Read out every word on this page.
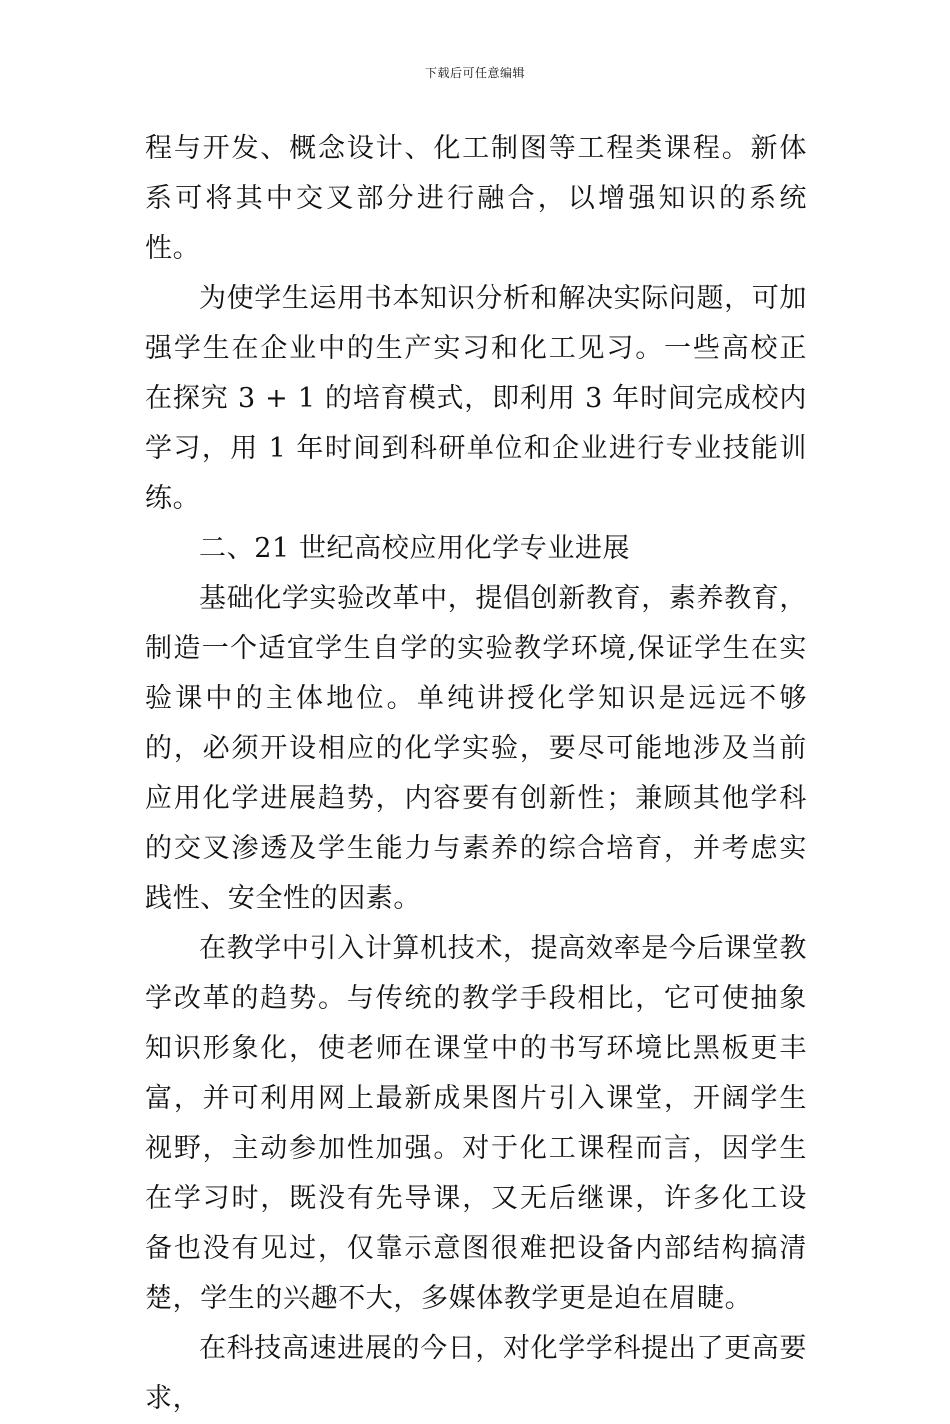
下载后可任意编辑

程与开发、概念设计、化工制图等工程类课程。新体系可将其中交叉部分进行融合，以增强知识的系统性。

为使学生运用书本知识分析和解决实际问题，可加强学生在企业中的生产实习和化工见习。一些高校正在探究 3 + 1 的培育模式，即利用 3 年时间完成校内学习，用 1 年时间到科研单位和企业进行专业技能训练。

二、21 世纪高校应用化学专业进展

基础化学实验改革中，提倡创新教育，素养教育，制造一个适宜学生自学的实验教学环境,保证学生在实验课中的主体地位。单纯讲授化学知识是远远不够的，必须开设相应的化学实验，要尽可能地涉及当前应用化学进展趋势，内容要有创新性；兼顾其他学科的交叉渗透及学生能力与素养的综合培育，并考虑实践性、安全性的因素。

在教学中引入计算机技术，提高效率是今后课堂教学改革的趋势。与传统的教学手段相比，它可使抽象知识形象化，使老师在课堂中的书写环境比黑板更丰富，并可利用网上最新成果图片引入课堂，开阔学生视野，主动参加性加强。对于化工课程而言，因学生在学习时，既没有先导课，又无后继课，许多化工设备也没有见过，仅靠示意图很难把设备内部结构搞清楚，学生的兴趣不大，多媒体教学更是迫在眉睫。

在科技高速进展的今日，对化学学科提出了更高要求，
